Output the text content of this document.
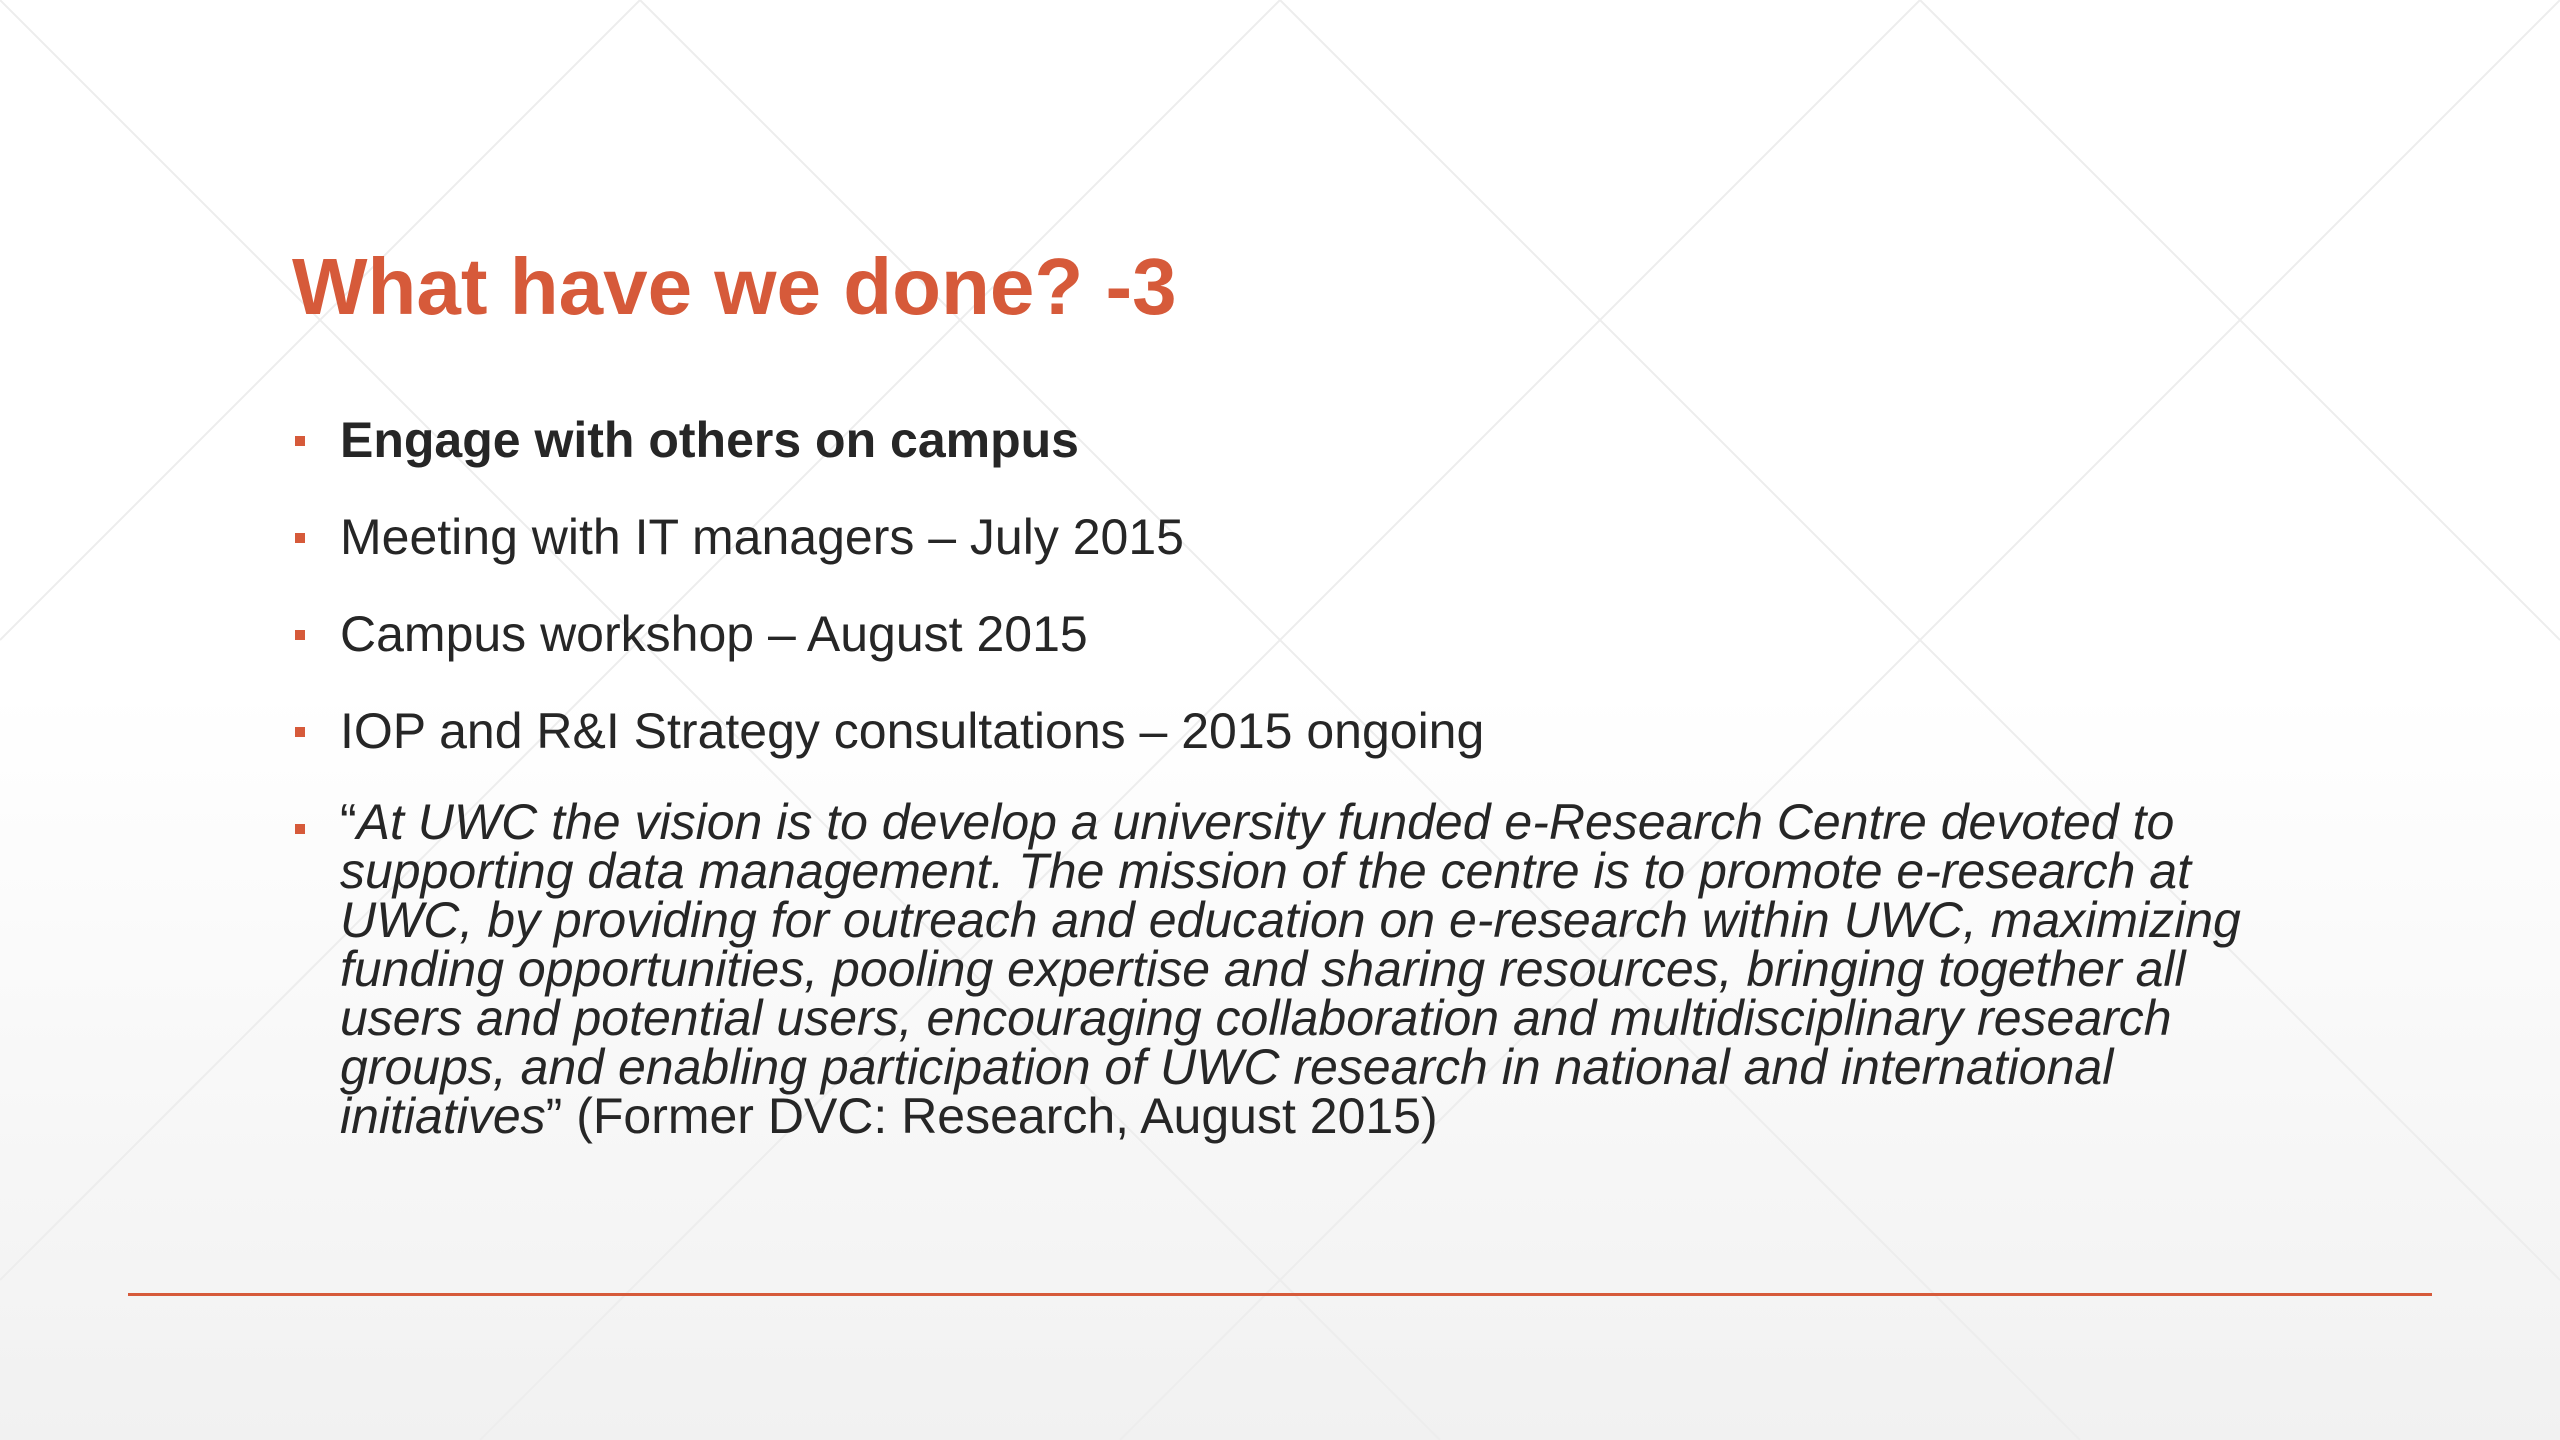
What have we done? -3
Engage with others on campus
Meeting with IT managers – July 2015
Campus workshop – August 2015
IOP and R&I Strategy consultations – 2015 ongoing
“At UWC the vision is to develop a university funded e-Research Centre devoted to supporting data management. The mission of the centre is to promote e-research at UWC, by providing for outreach and education on e-research within UWC, maximizing funding opportunities, pooling expertise and sharing resources, bringing together all users and potential users, encouraging collaboration and multidisciplinary research groups, and enabling participation of UWC research in national and international initiatives” (Former DVC: Research, August 2015)
